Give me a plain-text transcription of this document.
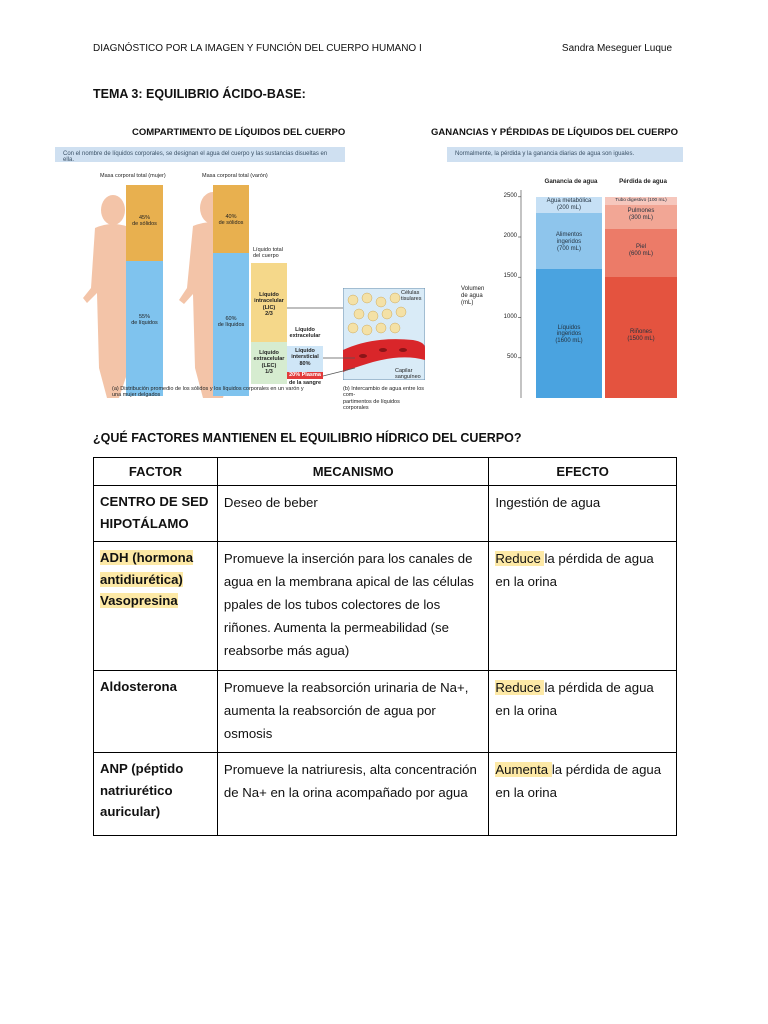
DIAGNÓSTICO POR LA IMAGEN Y FUNCIÓN DEL CUERPO HUMANO I	Sandra Meseguer Luque
TEMA 3: EQUILIBRIO ÁCIDO-BASE:
COMPARTIMENTO DE LÍQUIDOS DEL CUERPO
Con el nombre de líquidos corporales, se designan el agua del cuerpo y las sustancias disueltas en ella.
Masa corporal total (mujer)	Masa corporal total (varón)
45%
de sólidos
55%
de líquidos
40%
de sólidos
60%
de líquidos
Líquido total
del cuerpo
Líquido
intracelular
(LIC)
2/3
Líquido
extracelular
(LEC)
1/3
Líquido
extracelular
Líquido
intersticial
80%
20% Plasma
de la sangre
Células
tisulares
Capilar sanguíneo
(a) Distribución promedio de los sólidos y los líquidos corporales en un varón y
una mujer delgados
(b) Intercambio de agua entre los com-
partimentos de líquidos corporales
GANANCIAS Y PÉRDIDAS DE LÍQUIDOS DEL CUERPO
Normalmente, la pérdida y la ganancia diarias de agua son iguales.
Ganancia de agua	Pérdida de agua
Volumen
de agua
(mL)
2500
2000
1500
1000
500
Agua metabólica
(200 mL)
Alimentos
ingeridos
(700 mL)
Líquidos
ingeridos
(1600 mL)
Tubo digestivo (100 mL)
Pulmones
(300 mL)
Piel
(600 mL)
Riñones
(1500 mL)
¿QUÉ FACTORES MANTIENEN EL EQUILIBRIO HÍDRICO DEL CUERPO?
FACTOR	MECANISMO	EFECTO
CENTRO DE SED HIPOTÁLAMO	Deseo de beber	Ingestión de agua
ADH (hormona antidiurética) Vasopresina	Promueve la inserción para los canales de agua en la membrana apical de las células ppales de los tubos colectores de los riñones. Aumenta la permeabilidad (se reabsorbe más agua)	Reduce la pérdida de agua en la orina
Aldosterona	Promueve la reabsorción urinaria de Na+, aumenta la reabsorción de agua por osmosis	Reduce la pérdida de agua en la orina
ANP (péptido natriurético auricular)	Promueve la natriuresis, alta concentración de Na+ en la orina acompañado por agua	Aumenta la pérdida de agua en la orina
